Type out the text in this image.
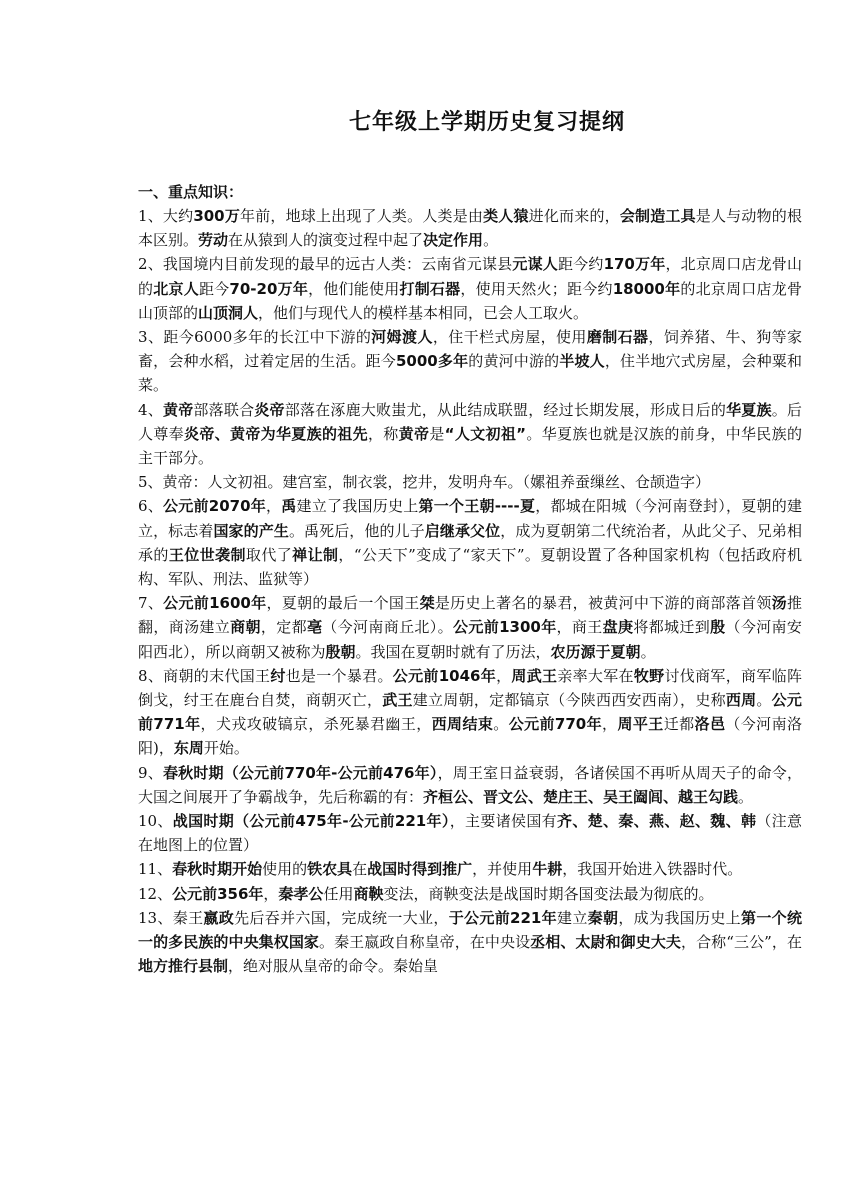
七年级上学期历史复习提纲
一、重点知识：

1、大约300万年前，地球上出现了人类。人类是由类人猿进化而来的，会制造工具是人与动物的根本区别。劳动在从猿到人的演变过程中起了决定作用。

2、我国境内目前发现的最早的远古人类：云南省元谋县元谋人距今约170万年，北京周口店龙骨山的北京人距今70-20万年，他们能使用打制石器，使用天然火；距今约18000年的北京周口店龙骨山顶部的山顶洞人，他们与现代人的模样基本相同，已会人工取火。

3、距今6000多年的长江中下游的河姆渡人，住干栏式房屋，使用磨制石器，饲养猪、牛、狗等家畜，会种水稻，过着定居的生活。距今5000多年的黄河中游的半坡人，住半地穴式房屋，会种粟和菜。

4、黄帝部落联合炎帝部落在涿鹿大败蚩尤，从此结成联盟，经过长期发展，形成日后的华夏族。后人尊奉炎帝、黄帝为华夏族的祖先，称黄帝是“人文初祖”。华夏族也就是汉族的前身，中华民族的主干部分。

5、黄帝：人文初祖。建宫室，制衣裳，挖井，发明舟车。（嫘祖养蚕缫丝、仓颉造字）

6、公元前2070年，禹建立了我国历史上第一个王朝----夏，都城在阳城（今河南登封），夏朝的建立，标志着国家的产生。禹死后，他的儿子启继承父位，成为夏朝第二代统治者，从此父子、兄弟相承的王位世袭制取代了禅让制，“公天下”变成了“家天下”。夏朝设置了各种国家机构（包括政府机构、军队、刑法、监狱等）

7、公元前1600年，夏朝的最后一个国王桀是历史上著名的暴君，被黄河中下游的商部落首领汤推翻，商汤建立商朝，定都亳（今河南商丘北）。公元前1300年，商王盘庚将都城迁到殷（今河南安阳西北），所以商朝又被称为殷朝。我国在夏朝时就有了历法，农历源于夏朝。

8、商朝的末代国王纣也是一个暴君。公元前1046年，周武王亲率大军在牧野讨伐商军，商军临阵倒戈，纣王在鹿台自焚，商朝灭亡，武王建立周朝，定都镐京（今陕西西安西南），史称西周。公元前771年，犬戎攻破镐京，杀死暴君幽王，西周结束。公元前770年，周平王迁都洛邑（今河南洛阳)，东周开始。

9、春秋时期（公元前770年-公元前476年），周王室日益衰弱，各诸侯国不再听从周天子的命令，大国之间展开了争霸战争，先后称霸的有：齐桓公、晋文公、楚庄王、吴王阖闾、越王勾践。

10、战国时期（公元前475年-公元前221年），主要诸侯国有齐、楚、秦、燕、赵、魏、韩（注意在地图上的位置）

11、春秋时期开始使用的铁农具在战国时得到推广，并使用牛耕，我国开始进入铁器时代。

12、公元前356年，秦孝公任用商鞅变法，商鞅变法是战国时期各国变法最为彻底的。

13、秦王嬴政先后吞并六国，完成统一大业，于公元前221年建立秦朝，成为我国历史上第一个统一的多民族的中央集权国家。秦王嬴政自称皇帝，在中央设丞相、太尉和御史大夫，合称“三公”，在地方推行县制，绝对服从皇帝的命令。秦始皇
